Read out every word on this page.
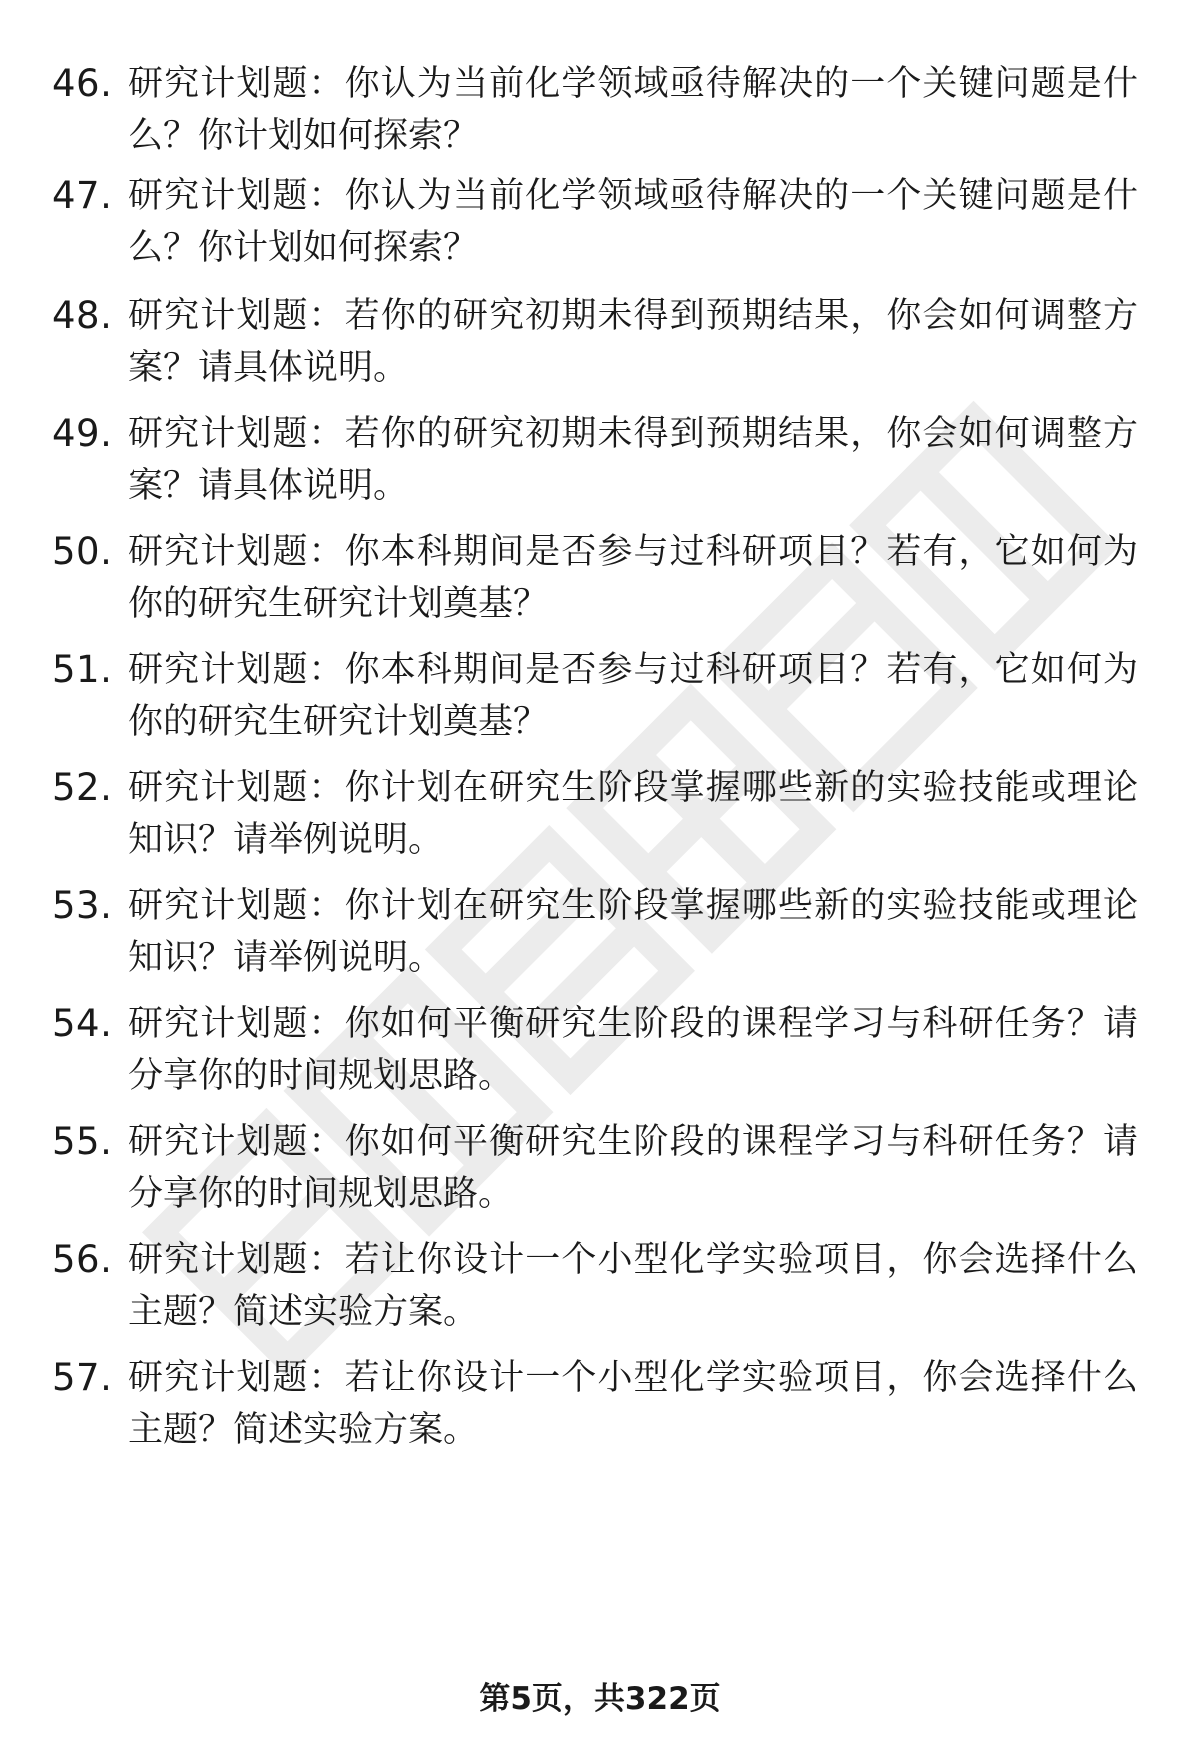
46. 研究计划题：你认为当前化学领域亟待解决的一个关键问题是什么？你计划如何探索？
47. 研究计划题：你认为当前化学领域亟待解决的一个关键问题是什么？你计划如何探索？
48. 研究计划题：若你的研究初期未得到预期结果，你会如何调整方案？请具体说明。
49. 研究计划题：若你的研究初期未得到预期结果，你会如何调整方案？请具体说明。
50. 研究计划题：你本科期间是否参与过科研项目？若有，它如何为你的研究生研究计划奠基？
51. 研究计划题：你本科期间是否参与过科研项目？若有，它如何为你的研究生研究计划奠基？
52. 研究计划题：你计划在研究生阶段掌握哪些新的实验技能或理论知识？请举例说明。
53. 研究计划题：你计划在研究生阶段掌握哪些新的实验技能或理论知识？请举例说明。
54. 研究计划题：你如何平衡研究生阶段的课程学习与科研任务？请分享你的时间规划思路。
55. 研究计划题：你如何平衡研究生阶段的课程学习与科研任务？请分享你的时间规划思路。
56. 研究计划题：若让你设计一个小型化学实验项目，你会选择什么主题？简述实验方案。
57. 研究计划题：若让你设计一个小型化学实验项目，你会选择什么主题？简述实验方案。
第5页，共322页
